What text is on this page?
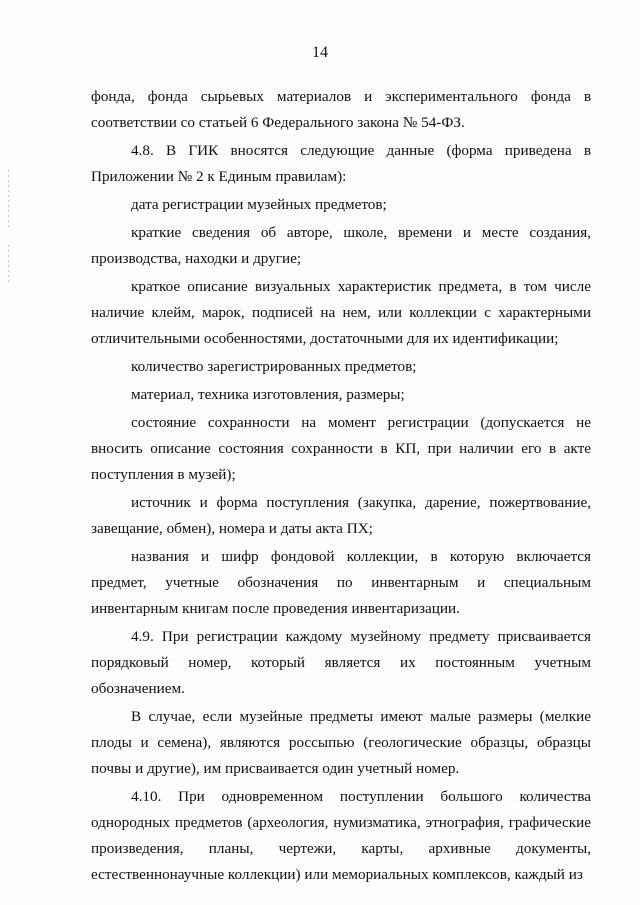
14

фонда, фонда сырьевых материалов и экспериментального фонда в соответствии со статьей 6 Федерального закона № 54-ФЗ.

4.8. В ГИК вносятся следующие данные (форма приведена в Приложении № 2 к Единым правилам):

дата регистрации музейных предметов;

краткие сведения об авторе, школе, времени и месте создания, производства, находки и другие;

краткое описание визуальных характеристик предмета, в том числе наличие клейм, марок, подписей на нем, или коллекции с характерными отличительными особенностями, достаточными для их идентификации;

количество зарегистрированных предметов;

материал, техника изготовления, размеры;

состояние сохранности на момент регистрации (допускается не вносить описание состояния сохранности в КП, при наличии его в акте поступления в музей);

источник и форма поступления (закупка, дарение, пожертвование, завещание, обмен), номера и даты акта ПХ;

названия и шифр фондовой коллекции, в которую включается предмет, учетные обозначения по инвентарным и специальным инвентарным книгам после проведения инвентаризации.

4.9. При регистрации каждому музейному предмету присваивается порядковый номер, который является их постоянным учетным обозначением.

В случае, если музейные предметы имеют малые размеры (мелкие плоды и семена), являются россыпью (геологические образцы, образцы почвы и другие), им присваивается один учетный номер.

4.10. При одновременном поступлении большого количества однородных предметов (археология, нумизматика, этнография, графические произведения, планы, чертежи, карты, архивные документы, естественнонаучные коллекции) или мемориальных комплексов, каждый из
